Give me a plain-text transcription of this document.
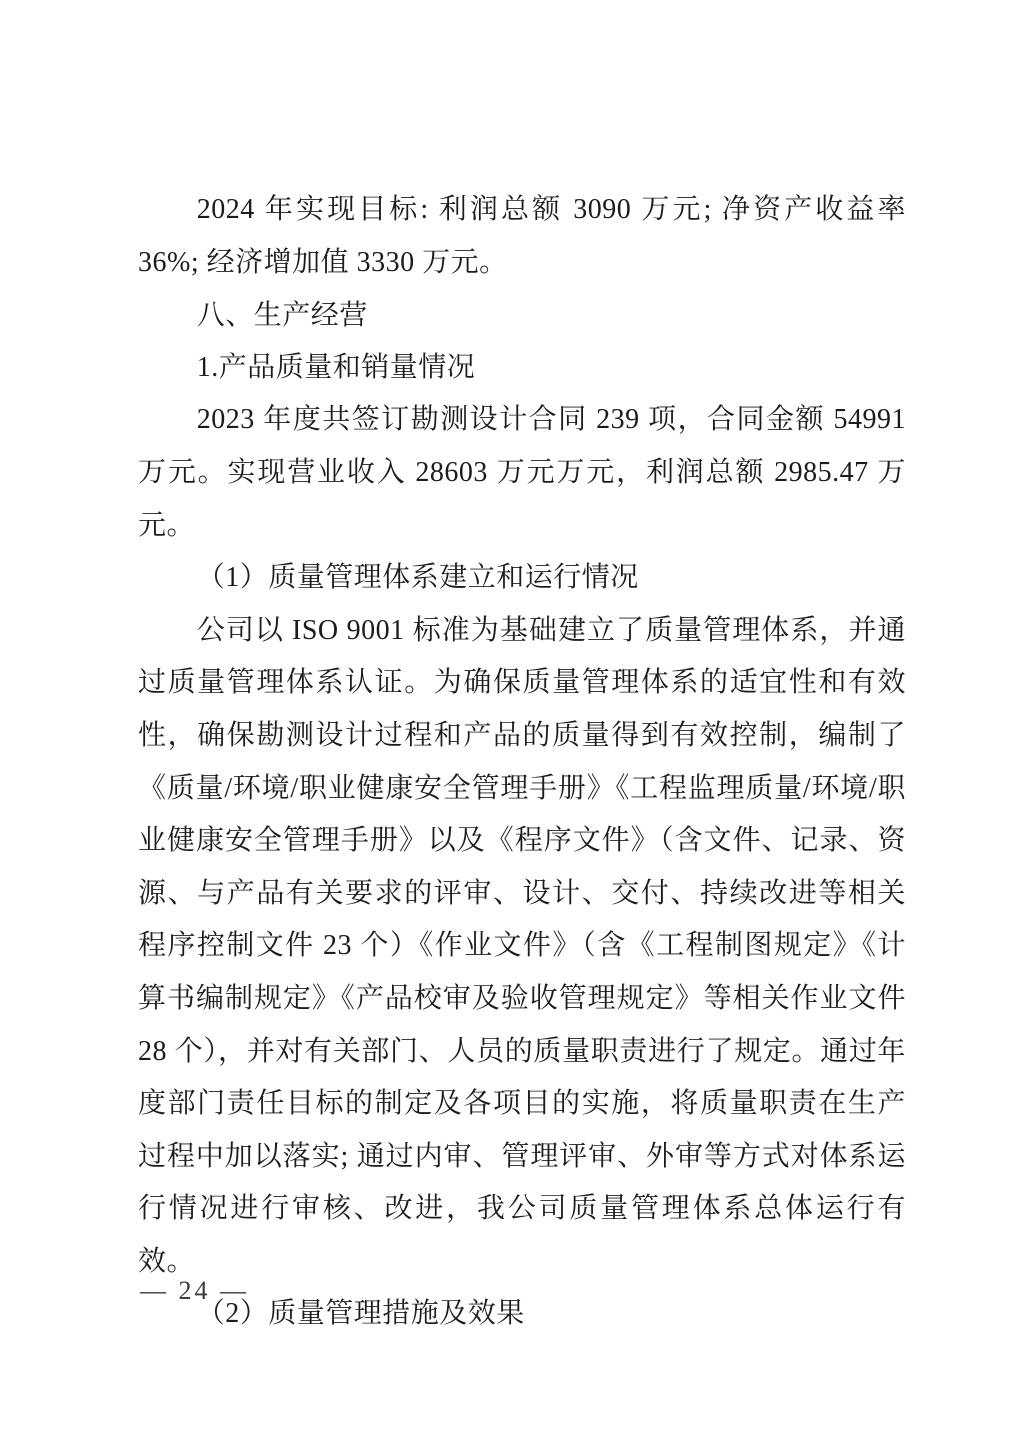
2024 年实现目标: 利润总额 3090 万元; 净资产收益率 36%; 经济增加值 3330 万元。

八、生产经营
1.产品质量和销量情况

2023 年度共签订勘测设计合同 239 项，合同金额 54991 万元。实现营业收入 28603 万元万元，利润总额 2985.47 万元。

（1）质量管理体系建立和运行情况

公司以 ISO 9001 标准为基础建立了质量管理体系，并通过质量管理体系认证。为确保质量管理体系的适宜性和有效性，确保勘测设计过程和产品的质量得到有效控制，编制了《质量/环境/职业健康安全管理手册》《工程监理质量/环境/职业健康安全管理手册》以及《程序文件》（含文件、记录、资源、与产品有关要求的评审、设计、交付、持续改进等相关程序控制文件 23 个）《作业文件》（含《工程制图规定》《计算书编制规定》《产品校审及验收管理规定》等相关作业文件 28 个），并对有关部门、人员的质量职责进行了规定。通过年度部门责任目标的制定及各项目的实施，将质量职责在生产过程中加以落实; 通过内审、管理评审、外审等方式对体系运行情况进行审核、改进，我公司质量管理体系总体运行有效。

（2）质量管理措施及效果

— 24 —
